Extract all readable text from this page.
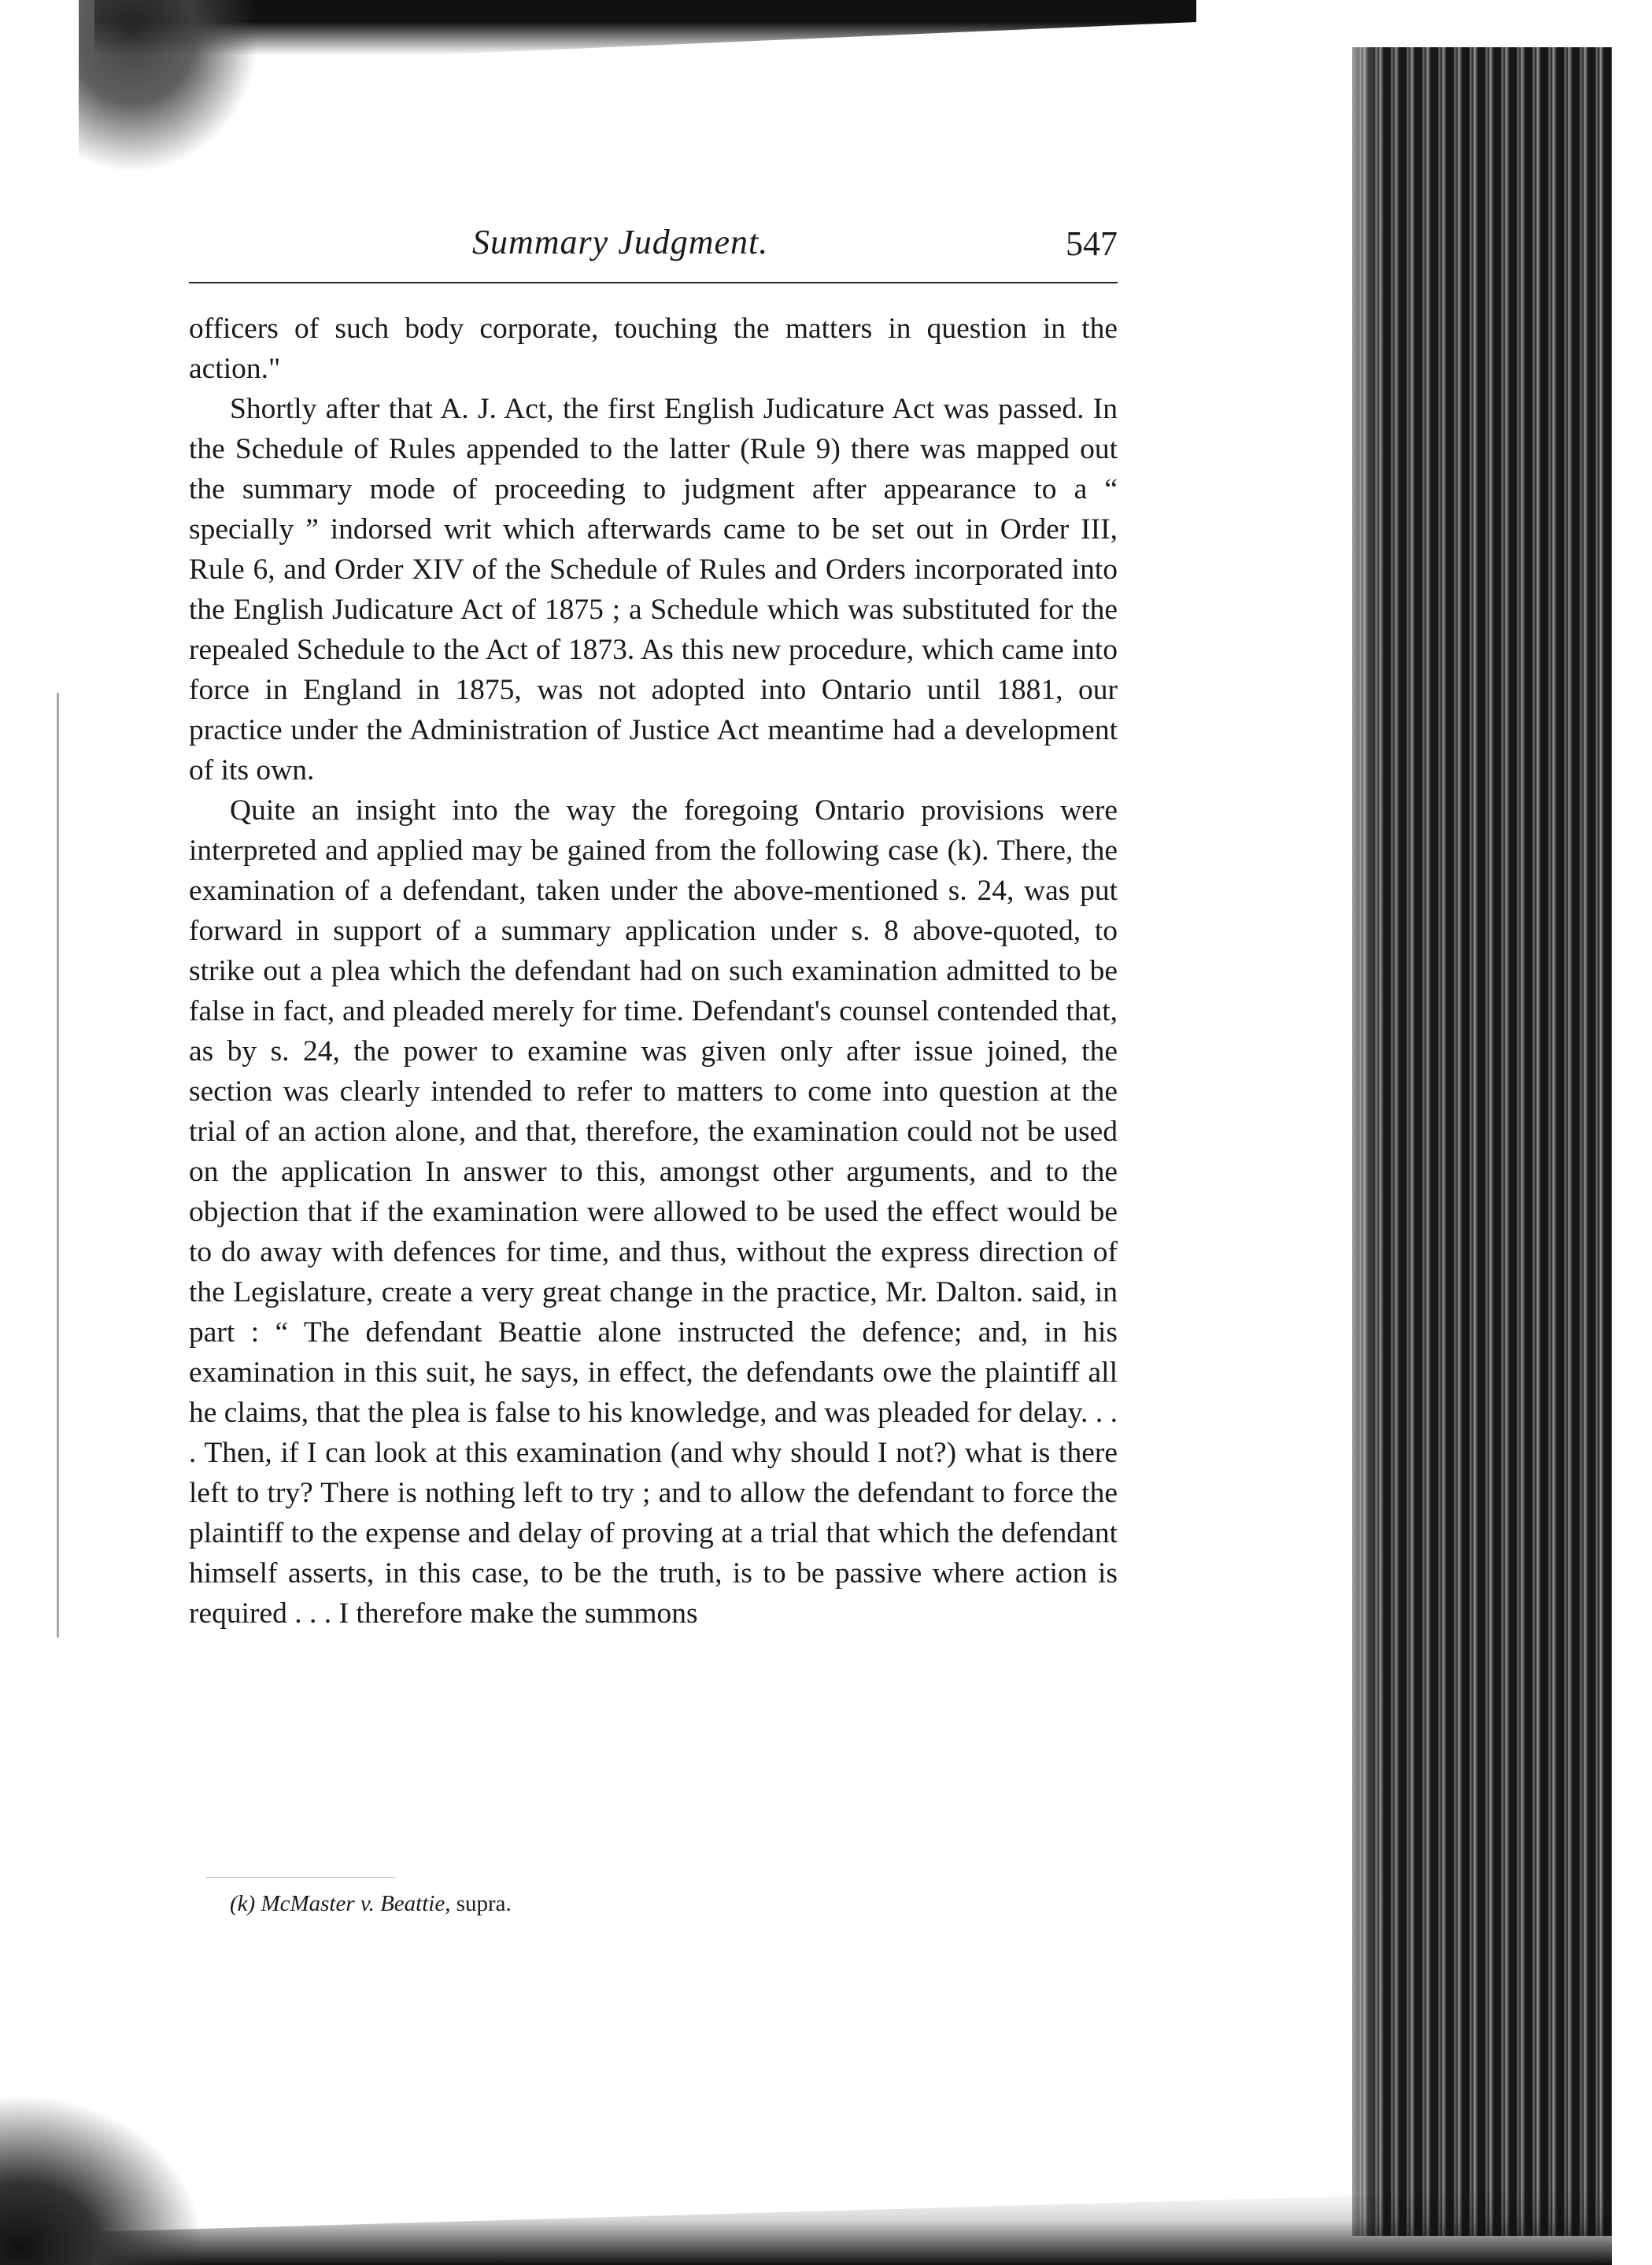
Summary Judgment.	547

officers of such body corporate, touching the matters in question in the action."

Shortly after that A. J. Act, the first English Judicature Act was passed. In the Schedule of Rules appended to the latter (Rule 9) there was mapped out the summary mode of proceeding to judgment after appearance to a “ specially ” indorsed writ which afterwards came to be set out in Order III, Rule 6, and Order XIV of the Schedule of Rules and Orders incorporated into the English Judicature Act of 1875 ; a Schedule which was substituted for the repealed Schedule to the Act of 1873. As this new procedure, which came into force in England in 1875, was not adopted into Ontario until 1881, our practice under the Administration of Justice Act meantime had a development of its own.

Quite an insight into the way the foregoing Ontario provisions were interpreted and applied may be gained from the following case (k). There, the examination of a defendant, taken under the above-mentioned s. 24, was put forward in support of a summary application under s. 8 above-quoted, to strike out a plea which the defendant had on such examination admitted to be false in fact, and pleaded merely for time. Defendant's counsel contended that, as by s. 24, the power to examine was given only after issue joined, the section was clearly intended to refer to matters to come into question at the trial of an action alone, and that, therefore, the examination could not be used on the application In answer to this, amongst other arguments, and to the objection that if the examination were allowed to be used the effect would be to do away with defences for time, and thus, without the express direction of the Legislature, create a very great change in the practice, Mr. Dalton. said, in part : “ The defendant Beattie alone instructed the defence; and, in his examination in this suit, he says, in effect, the defendants owe the plaintiff all he claims, that the plea is false to his knowledge, and was pleaded for delay. . . . Then, if I can look at this examination (and why should I not?) what is there left to try? There is nothing left to try ; and to allow the defendant to force the plaintiff to the expense and delay of proving at a trial that which the defendant himself asserts, in this case, to be the truth, is to be passive where action is required . . . I therefore make the summons

(k) McMaster v. Beattie, supra.
